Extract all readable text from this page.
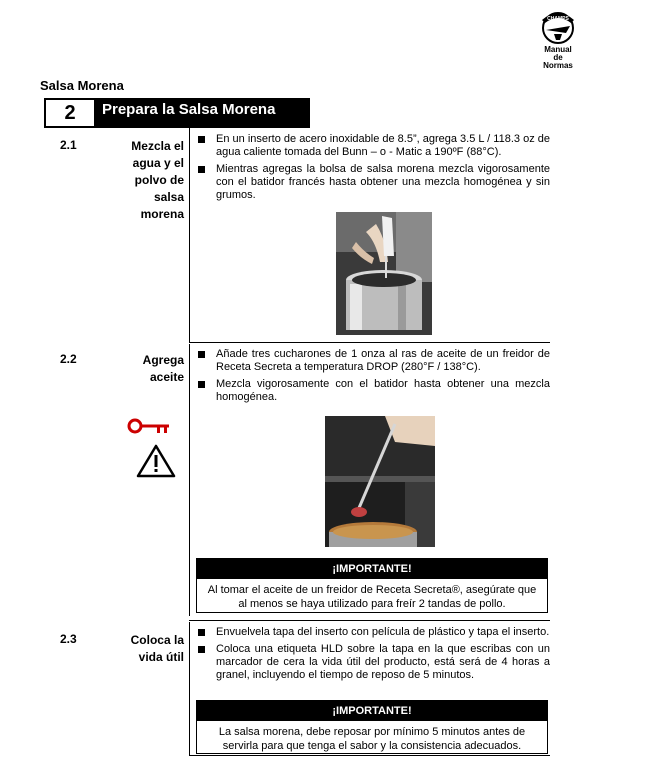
CHAMPS
Manual
de
Normas
Salsa Morena
2	Prepara la Salsa Morena
2.1	Mezcla el
agua y el
polvo de
salsa
morena
En un inserto de acero inoxidable de 8.5”, agrega 3.5 L / 118.3 oz de agua caliente tomada del Bunn – o - Matic a 190ºF (88°C).
Mientras agregas la bolsa de salsa morena mezcla vigorosamente con el batidor francés hasta obtener una mezcla homogénea y sin grumos.
2.2	Agrega
aceite
Añade tres cucharones de 1 onza al ras de aceite de un freidor de Receta Secreta a temperatura DROP (280°F / 138°C).
Mezcla vigorosamente con el batidor hasta obtener una mezcla homogénea.
¡IMPORTANTE!
Al tomar el aceite de un freidor de Receta Secreta®, asegúrate que al menos se haya utilizado para freír 2 tandas de pollo.
2.3	Coloca la
vida útil
Envuelvela tapa del inserto con película de plástico y tapa el inserto.
Coloca una etiqueta HLD sobre la tapa en la que escribas con un marcador de cera la vida útil del producto, está será de 4 horas a granel, incluyendo el tiempo de reposo de 5 minutos.
¡IMPORTANTE!
La salsa morena, debe reposar por mínimo 5 minutos antes de servirla para que tenga el sabor y la consistencia adecuados.
